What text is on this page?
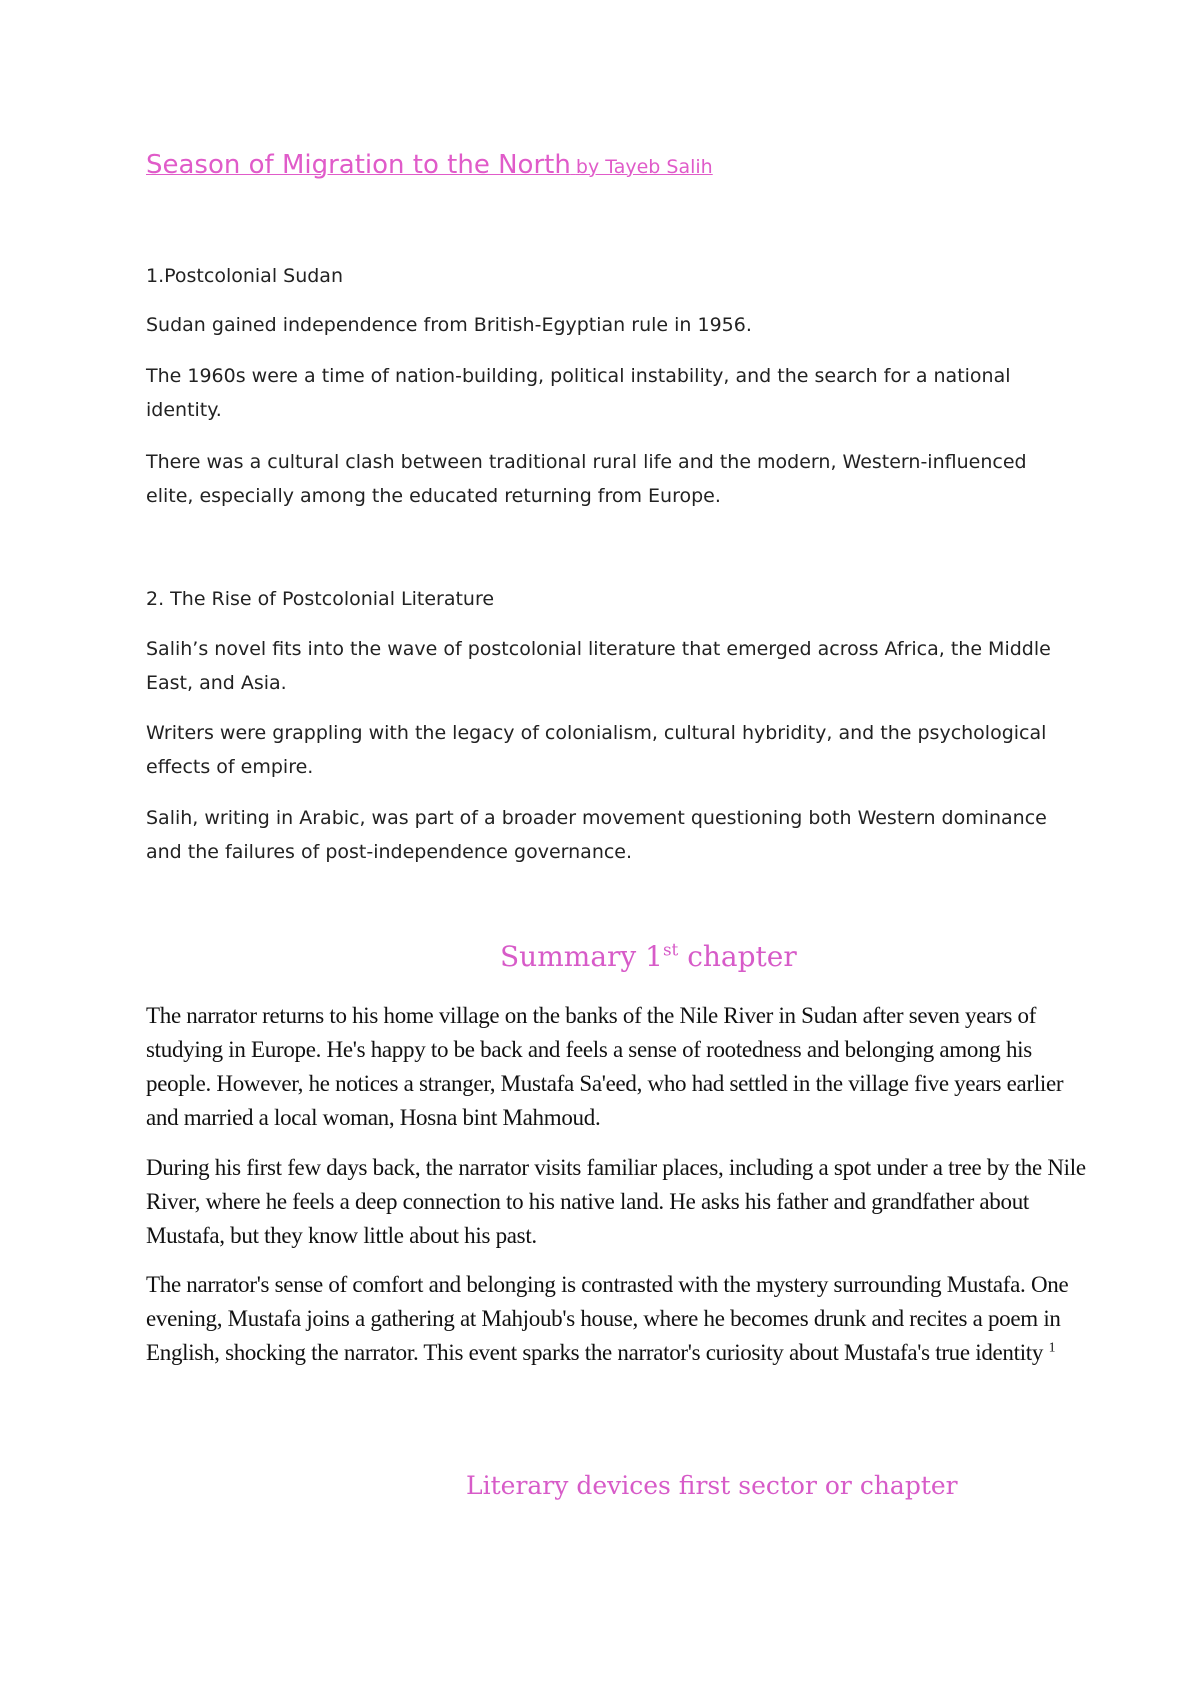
Season of Migration to the North by Tayeb Salih

1.Postcolonial Sudan

Sudan gained independence from British-Egyptian rule in 1956.

The 1960s were a time of nation-building, political instability, and the search for a national identity.

There was a cultural clash between traditional rural life and the modern, Western-influenced elite, especially among the educated returning from Europe.

2. The Rise of Postcolonial Literature

Salih’s novel fits into the wave of postcolonial literature that emerged across Africa, the Middle East, and Asia.

Writers were grappling with the legacy of colonialism, cultural hybridity, and the psychological effects of empire.

Salih, writing in Arabic, was part of a broader movement questioning both Western dominance and the failures of post-independence governance.

Summary 1st chapter

The narrator returns to his home village on the banks of the Nile River in Sudan after seven years of studying in Europe. He's happy to be back and feels a sense of rootedness and belonging among his people. However, he notices a stranger, Mustafa Sa'eed, who had settled in the village five years earlier and married a local woman, Hosna bint Mahmoud.

During his first few days back, the narrator visits familiar places, including a spot under a tree by the Nile River, where he feels a deep connection to his native land. He asks his father and grandfather about Mustafa, but they know little about his past.

The narrator's sense of comfort and belonging is contrasted with the mystery surrounding Mustafa. One evening, Mustafa joins a gathering at Mahjoub's house, where he becomes drunk and recites a poem in English, shocking the narrator. This event sparks the narrator's curiosity about Mustafa's true identity $^1$

Literary devices first sector or chapter
